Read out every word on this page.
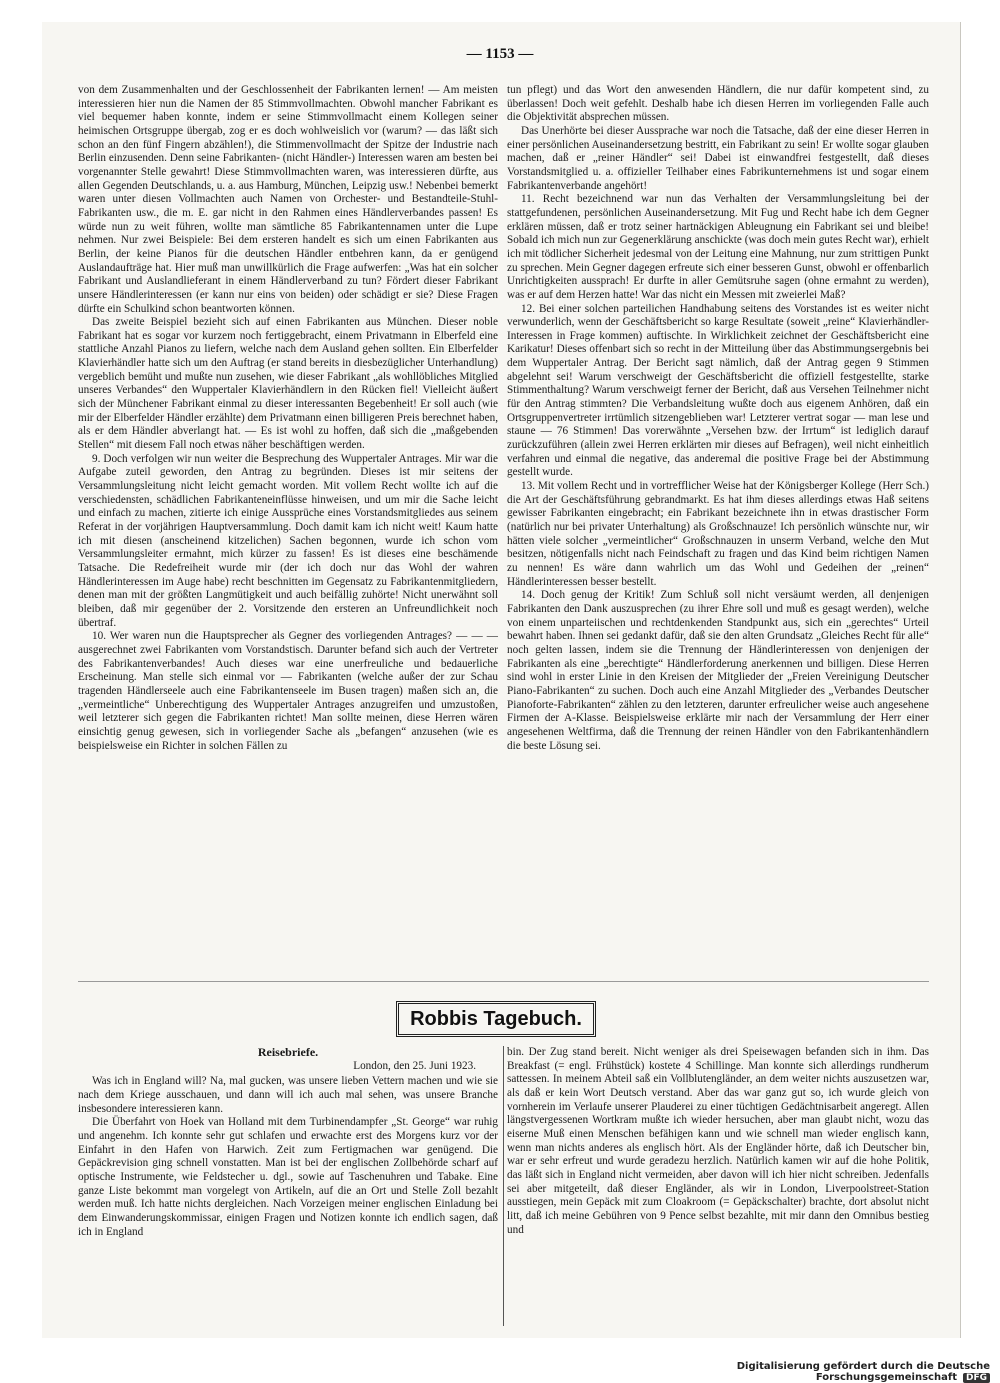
— 1153 —

von dem Zusammenhalten und der Geschlossenheit der Fabrikanten lernen! — Am meisten interessieren hier nun die Namen der 85 Stimmvollmachten. Obwohl mancher Fabrikant es viel bequemer haben konnte, indem er seine Stimmvollmacht einem Kollegen seiner heimischen Ortsgruppe übergab, zog er es doch wohlweislich vor (warum? — das läßt sich schon an den fünf Fingern abzählen!), die Stimmenvollmacht der Spitze der Industrie nach Berlin einzusenden. Denn seine Fabrikanten- (nicht Händler-) Interessen waren am besten bei vorgenannter Stelle gewahrt! Diese Stimmvollmachten waren, was interessieren dürfte, aus allen Gegenden Deutschlands, u. a. aus Hamburg, München, Leipzig usw.! Nebenbei bemerkt waren unter diesen Vollmachten auch Namen von Orchester- und Bestandteile-Stuhl-Fabrikanten usw., die m. E. gar nicht in den Rahmen eines Händlerverbandes passen! Es würde nun zu weit führen, wollte man sämtliche 85 Fabrikantennamen unter die Lupe nehmen. Nur zwei Beispiele: Bei dem ersteren handelt es sich um einen Fabrikanten aus Berlin, der keine Pianos für die deutschen Händler entbehren kann, da er genügend Auslandaufträge hat. Hier muß man unwillkürlich die Frage aufwerfen: „Was hat ein solcher Fabrikant und Auslandlieferant in einem Händlerverband zu tun? Fördert dieser Fabrikant unsere Händlerinteressen (er kann nur eins von beiden) oder schädigt er sie? Diese Fragen dürfte ein Schulkind schon beantworten können.

Das zweite Beispiel bezieht sich auf einen Fabrikanten aus München. Dieser noble Fabrikant hat es sogar vor kurzem noch fertiggebracht, einem Privatmann in Elberfeld eine stattliche Anzahl Pianos zu liefern, welche nach dem Ausland gehen sollten. Ein Elberfelder Klavierhändler hatte sich um den Auftrag (er stand bereits in diesbezüglicher Unterhandlung) vergeblich bemüht und mußte nun zusehen, wie dieser Fabrikant „als wohllöbliches Mitglied unseres Verbandes“ den Wuppertaler Klavierhändlern in den Rücken fiel! Vielleicht äußert sich der Münchener Fabrikant einmal zu dieser interessanten Begebenheit! Er soll auch (wie mir der Elberfelder Händler erzählte) dem Privatmann einen billigeren Preis berechnet haben, als er dem Händler abverlangt hat. — Es ist wohl zu hoffen, daß sich die „maßgebenden Stellen“ mit diesem Fall noch etwas näher beschäftigen werden.

9. Doch verfolgen wir nun weiter die Besprechung des Wuppertaler Antrages. Mir war die Aufgabe zuteil geworden, den Antrag zu begründen. Dieses ist mir seitens der Versammlungsleitung nicht leicht gemacht worden. Mit vollem Recht wollte ich auf die verschiedensten, schädlichen Fabrikanteneinflüsse hinweisen, und um mir die Sache leicht und einfach zu machen, zitierte ich einige Aussprüche eines Vorstandsmitgliedes aus seinem Referat in der vorjährigen Hauptversammlung. Doch damit kam ich nicht weit! Kaum hatte ich mit diesen (anscheinend kitzelichen) Sachen begonnen, wurde ich schon vom Versammlungsleiter ermahnt, mich kürzer zu fassen! Es ist dieses eine beschämende Tatsache. Die Redefreiheit wurde mir (der ich doch nur das Wohl der wahren Händlerinteressen im Auge habe) recht beschnitten im Gegensatz zu Fabrikantenmitgliedern, denen man mit der größten Langmütigkeit und auch beifällig zuhörte! Nicht unerwähnt soll bleiben, daß mir gegenüber der 2. Vorsitzende den ersteren an Unfreundlichkeit noch übertraf.

10. Wer waren nun die Hauptsprecher als Gegner des vorliegenden Antrages? — — — ausgerechnet zwei Fabrikanten vom Vorstandstisch. Darunter befand sich auch der Vertreter des Fabrikantenverbandes! Auch dieses war eine unerfreuliche und bedauerliche Erscheinung. Man stelle sich einmal vor — Fabrikanten (welche außer der zur Schau tragenden Händlerseele auch eine Fabrikantenseele im Busen tragen) maßen sich an, die „vermeintliche“ Unberechtigung des Wuppertaler Antrages anzugreifen und umzustoßen, weil letzterer sich gegen die Fabrikanten richtet! Man sollte meinen, diese Herren wären einsichtig genug gewesen, sich in vorliegender Sache als „befangen“ anzusehen (wie es beispielsweise ein Richter in solchen Fällen zu

tun pflegt) und das Wort den anwesenden Händlern, die nur dafür kompetent sind, zu überlassen! Doch weit gefehlt. Deshalb habe ich diesen Herren im vorliegenden Falle auch die Objektivität absprechen müssen.

Das Unerhörte bei dieser Aussprache war noch die Tatsache, daß der eine dieser Herren in einer persönlichen Auseinandersetzung bestritt, ein Fabrikant zu sein! Er wollte sogar glauben machen, daß er „reiner Händler“ sei! Dabei ist einwandfrei festgestellt, daß dieses Vorstandsmitglied u. a. offizieller Teilhaber eines Fabrikunternehmens ist und sogar einem Fabrikantenverbande angehört!

11. Recht bezeichnend war nun das Verhalten der Versammlungsleitung bei der stattgefundenen, persönlichen Auseinandersetzung. Mit Fug und Recht habe ich dem Gegner erklären müssen, daß er trotz seiner hartnäckigen Ableugnung ein Fabrikant sei und bleibe! Sobald ich mich nun zur Gegenerklärung anschickte (was doch mein gutes Recht war), erhielt ich mit tödlicher Sicherheit jedesmal von der Leitung eine Mahnung, nur zum strittigen Punkt zu sprechen. Mein Gegner dagegen erfreute sich einer besseren Gunst, obwohl er offenbarlich Unrichtigkeiten aussprach! Er durfte in aller Gemütsruhe sagen (ohne ermahnt zu werden), was er auf dem Herzen hatte! War das nicht ein Messen mit zweierlei Maß?

12. Bei einer solchen parteilichen Handhabung seitens des Vorstandes ist es weiter nicht verwunderlich, wenn der Geschäftsbericht so karge Resultate (soweit „reine“ Klavierhändler-Interessen in Frage kommen) auftischte. In Wirklichkeit zeichnet der Geschäftsbericht eine Karikatur! Dieses offenbart sich so recht in der Mitteilung über das Abstimmungsergebnis bei dem Wuppertaler Antrag. Der Bericht sagt nämlich, daß der Antrag gegen 9 Stimmen abgelehnt sei! Warum verschweigt der Geschäftsbericht die offiziell festgestellte, starke Stimmenthaltung? Warum verschweigt ferner der Bericht, daß aus Versehen Teilnehmer nicht für den Antrag stimmten? Die Verbandsleitung wußte doch aus eigenem Anhören, daß ein Ortsgruppenvertreter irrtümlich sitzengeblieben war! Letzterer vertrat sogar — man lese und staune — 76 Stimmen! Das vorerwähnte „Versehen bzw. der Irrtum“ ist lediglich darauf zurückzuführen (allein zwei Herren erklärten mir dieses auf Befragen), weil nicht einheitlich verfahren und einmal die negative, das anderemal die positive Frage bei der Abstimmung gestellt wurde.

13. Mit vollem Recht und in vortrefflicher Weise hat der Königsberger Kollege (Herr Sch.) die Art der Geschäftsführung gebrandmarkt. Es hat ihm dieses allerdings etwas Haß seitens gewisser Fabrikanten eingebracht; ein Fabrikant bezeichnete ihn in etwas drastischer Form (natürlich nur bei privater Unterhaltung) als Großschnauze! Ich persönlich wünschte nur, wir hätten viele solcher „vermeintlicher“ Großschnauzen in unserm Verband, welche den Mut besitzen, nötigenfalls nicht nach Feindschaft zu fragen und das Kind beim richtigen Namen zu nennen! Es wäre dann wahrlich um das Wohl und Gedeihen der „reinen“ Händlerinteressen besser bestellt.

14. Doch genug der Kritik! Zum Schluß soll nicht versäumt werden, all denjenigen Fabrikanten den Dank auszusprechen (zu ihrer Ehre soll und muß es gesagt werden), welche von einem unparteiischen und rechtdenkenden Standpunkt aus, sich ein „gerechtes“ Urteil bewahrt haben. Ihnen sei gedankt dafür, daß sie den alten Grundsatz „Gleiches Recht für alle“ noch gelten lassen, indem sie die Trennung der Händlerinteressen von denjenigen der Fabrikanten als eine „berechtigte“ Händlerforderung anerkennen und billigen. Diese Herren sind wohl in erster Linie in den Kreisen der Mitglieder der „Freien Vereinigung Deutscher Piano-Fabrikanten“ zu suchen. Doch auch eine Anzahl Mitglieder des „Verbandes Deutscher Pianoforte-Fabrikanten“ zählen zu den letzteren, darunter erfreulicher weise auch angesehene Firmen der A-Klasse. Beispielsweise erklärte mir nach der Versammlung der Herr einer angesehenen Weltfirma, daß die Trennung der reinen Händler von den Fabrikantenhändlern die beste Lösung sei.

Robbis Tagebuch.
Reisebriefe.
London, den 25. Juni 1923.

Was ich in England will? Na, mal gucken, was unsere lieben Vettern machen und wie sie nach dem Kriege ausschauen, und dann will ich auch mal sehen, was unsere Branche insbesondere interessieren kann.

Die Überfahrt von Hoek van Holland mit dem Turbinendampfer „St. George“ war ruhig und angenehm. Ich konnte sehr gut schlafen und erwachte erst des Morgens kurz vor der Einfahrt in den Hafen von Harwich. Zeit zum Fertigmachen war genügend. Die Gepäckrevision ging schnell vonstatten. Man ist bei der englischen Zollbehörde scharf auf optische Instrumente, wie Feldstecher u. dgl., sowie auf Taschenuhren und Tabake. Eine ganze Liste bekommt man vorgelegt von Artikeln, auf die an Ort und Stelle Zoll bezahlt werden muß. Ich hatte nichts dergleichen. Nach Vorzeigen meiner englischen Einladung bei dem Einwanderungskommissar, einigen Fragen und Notizen konnte ich endlich sagen, daß ich in England

bin. Der Zug stand bereit. Nicht weniger als drei Speisewagen befanden sich in ihm. Das Breakfast (= engl. Frühstück) kostete 4 Schillinge. Man konnte sich allerdings rundherum sattessen. In meinem Abteil saß ein Vollblutengländer, an dem weiter nichts auszusetzen war, als daß er kein Wort Deutsch verstand. Aber das war ganz gut so, ich wurde gleich von vornherein im Verlaufe unserer Plauderei zu einer tüchtigen Gedächtnisarbeit angeregt. Allen längstvergessenen Wortkram mußte ich wieder hersuchen, aber man glaubt nicht, wozu das eiserne Muß einen Menschen befähigen kann und wie schnell man wieder englisch kann, wenn man nichts anderes als englisch hört. Als der Engländer hörte, daß ich Deutscher bin, war er sehr erfreut und wurde geradezu herzlich. Natürlich kamen wir auf die hohe Politik, das läßt sich in England nicht vermeiden, aber davon will ich hier nicht schreiben. Jedenfalls sei aber mitgeteilt, daß dieser Engländer, als wir in London, Liverpoolstreet-Station ausstiegen, mein Gepäck mit zum Cloakroom (= Gepäckschalter) brachte, dort absolut nicht litt, daß ich meine Gebühren von 9 Pence selbst bezahlte, mit mir dann den Omnibus bestieg und

Digitalisierung gefördert durch die Deutsche Forschungsgemeinschaft DFG
